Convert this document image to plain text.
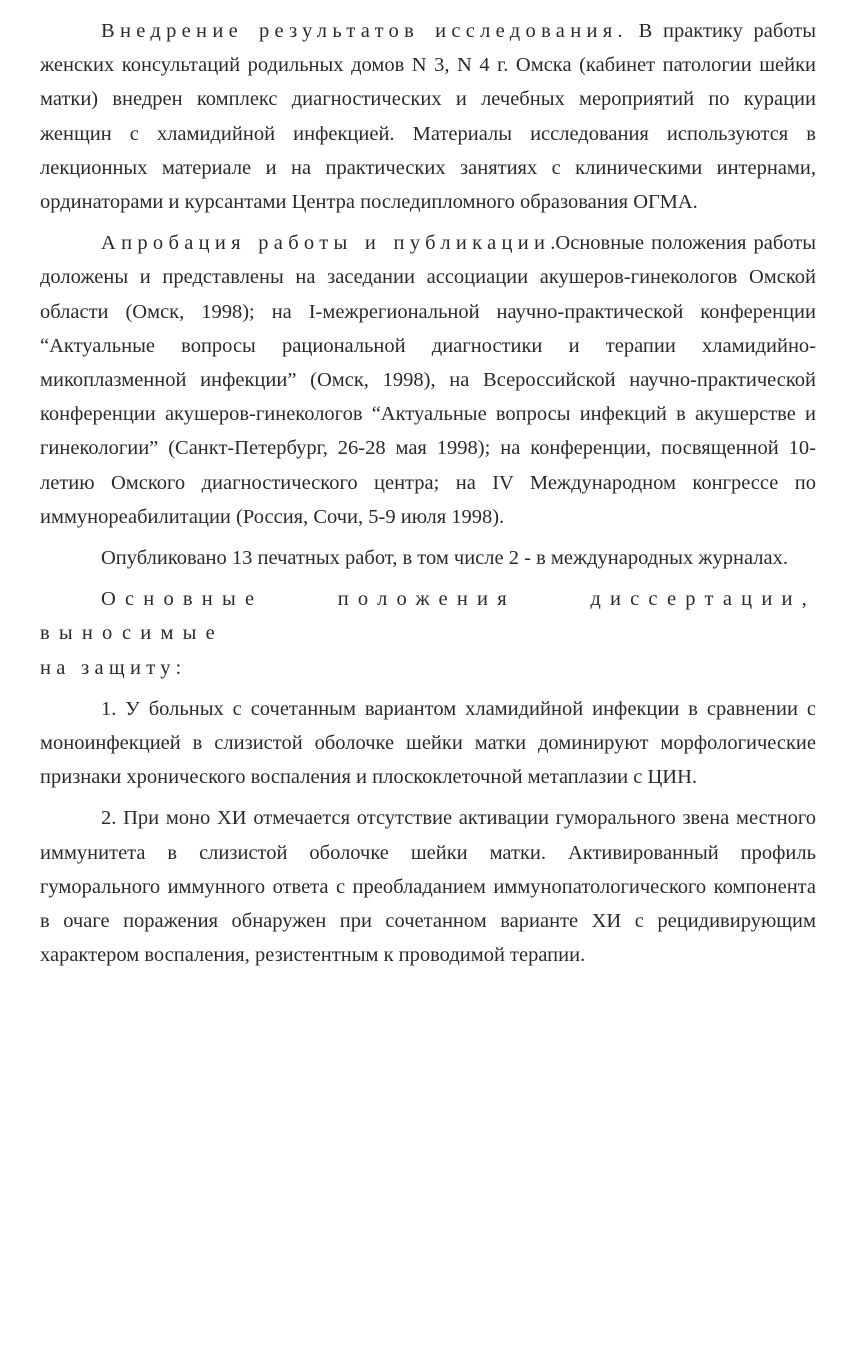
Внедрение результатов исследования. В практику работы женских консультаций родильных домов N 3, N 4 г. Омска (кабинет патологии шейки матки) внедрен комплекс диагностических и лечебных мероприятий по курации женщин с хламидийной инфекцией. Материалы исследования используются в лекционных материале и на практических занятиях с клиническими интернами, ординаторами и курсантами Центра последипломного образования ОГМА.

Апробация работы и публикации.Основные положения работы доложены и представлены на заседании ассоциации акушеров-гинекологов Омской области (Омск, 1998); на I-межрегиональной научно-практической конференции “Актуальные вопросы рациональной диагностики и терапии хламидийно-микоплазменной инфекции” (Омск, 1998), на Всероссийской научно-практической конференции акушеров-гинекологов “Актуальные вопросы инфекций в акушерстве и гинекологии” (Санкт-Петербург, 26-28 мая 1998); на конференции, посвященной 10-летию Омского диагностического центра; на IV Международном конгрессе по иммунореабилитации (Россия, Сочи, 5-9 июля 1998).

Опубликовано 13 печатных работ, в том числе 2 - в международных журналах.

Основные положения диссертации, выносимые

на защиту:

1. У больных с сочетанным вариантом хламидийной инфекции в сравнении с моноинфекцией в слизистой оболочке шейки матки доминируют морфологические признаки хронического воспаления и плоскоклеточной метаплазии с ЦИН.

2. При моно ХИ отмечается отсутствие активации гуморального звена местного иммунитета в слизистой оболочке шейки матки. Активированный профиль гуморального иммунного ответа с преобладанием иммунопатологического компонента в очаге поражения обнаружен при сочетанном варианте ХИ с рецидивирующим характером воспаления, резистентным к проводимой терапии.
